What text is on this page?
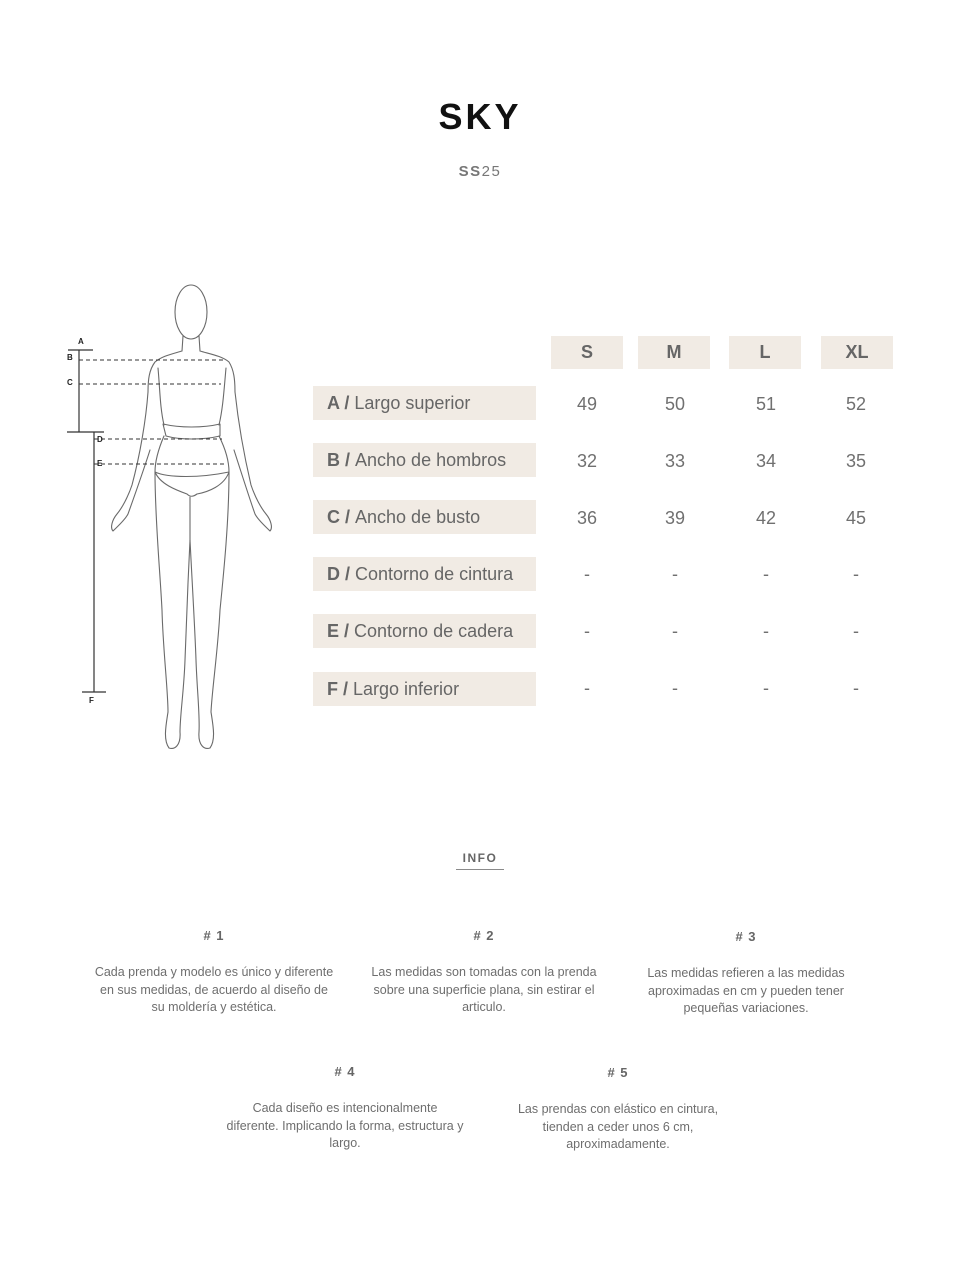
SKY
SS25
A
B
C
D
E
F
S	M	L	XL
A / Largo superior	49	50	51	52
B / Ancho de hombros	32	33	34	35
C / Ancho de busto	36	39	42	45
D / Contorno de cintura	-	-	-	-
E / Contorno de cadera	-	-	-	-
F / Largo inferior	-	-	-	-
INFO
# 1
Cada prenda y modelo es único y diferente en sus medidas, de acuerdo al diseño de su moldería y estética.
# 2
Las medidas son tomadas con la prenda sobre una superficie plana, sin estirar el articulo.
# 3
Las medidas refieren a las medidas aproximadas en cm y pueden tener pequeñas variaciones.
# 4
Cada diseño es intencionalmente diferente. Implicando la forma, estructura y largo.
# 5
Las prendas con elástico en cintura, tienden a ceder unos 6 cm, aproximadamente.
